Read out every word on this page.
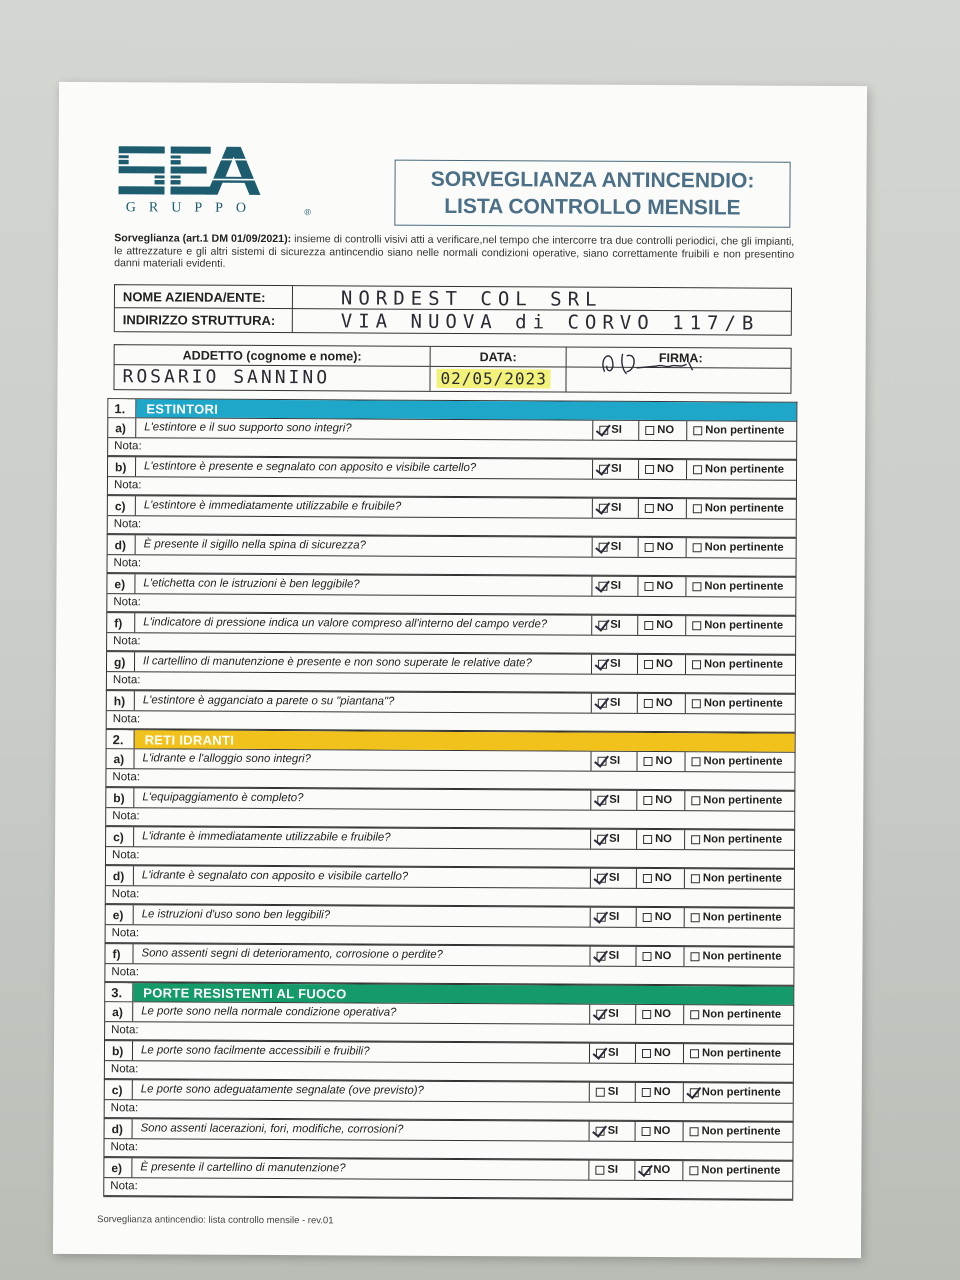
GRUPPO	®
SORVEGLIANZA ANTINCENDIO:
LISTA CONTROLLO MENSILE
Sorveglianza (art.1 DM 01/09/2021): insieme di controlli visivi atti a verificare,nel tempo che intercorre tra due controlli periodici, che gli impianti, le attrezzature e gli altri sistemi di sicurezza antincendio siano nelle normali condizioni operative, siano correttamente fruibili e non presentino danni materiali evidenti.
NOME AZIENDA/ENTE:	NORDEST COL SRL
INDIRIZZO STRUTTURA:	VIA NUOVA di CORVO 117/B
ADDETTO (cognome e nome):
ROSARIO SANNINO
DATA:
02/05/2023
FIRMA:
1.	ESTINTORI
a)	L'estintore e il suo supporto sono integri?	SI	NO	Non pertinente
Nota:
b)	L'estintore è presente e segnalato con apposito e visibile cartello?	SI	NO	Non pertinente
Nota:
c)	L'estintore è immediatamente utilizzabile e fruibile?	SI	NO	Non pertinente
Nota:
d)	È presente il sigillo nella spina di sicurezza?	SI	NO	Non pertinente
Nota:
e)	L'etichetta con le istruzioni è ben leggibile?	SI	NO	Non pertinente
Nota:
f)	L'indicatore di pressione indica un valore compreso all'interno del campo verde?	SI	NO	Non pertinente
Nota:
g)	Il cartellino di manutenzione è presente e non sono superate le relative date?	SI	NO	Non pertinente
Nota:
h)	L'estintore è agganciato a parete o su "piantana"?	SI	NO	Non pertinente
Nota:
2.	RETI IDRANTI
a)	L'idrante e l'alloggio sono integri?	SI	NO	Non pertinente
Nota:
b)	L'equipaggiamento è completo?	SI	NO	Non pertinente
Nota:
c)	L'idrante è immediatamente utilizzabile e fruibile?	SI	NO	Non pertinente
Nota:
d)	L'idrante è segnalato con apposito e visibile cartello?	SI	NO	Non pertinente
Nota:
e)	Le istruzioni d'uso sono ben leggibili?	SI	NO	Non pertinente
Nota:
f)	Sono assenti segni di deterioramento, corrosione o perdite?	SI	NO	Non pertinente
Nota:
3.	PORTE RESISTENTI AL FUOCO
a)	Le porte sono nella normale condizione operativa?	SI	NO	Non pertinente
Nota:
b)	Le porte sono facilmente accessibili e fruibili?	SI	NO	Non pertinente
Nota:
c)	Le porte sono adeguatamente segnalate (ove previsto)?	SI	NO	Non pertinente
Nota:
d)	Sono assenti lacerazioni, fori, modifiche, corrosioni?	SI	NO	Non pertinente
Nota:
e)	È presente il cartellino di manutenzione?	SI	NO	Non pertinente
Nota:
Sorveglianza antincendio: lista controllo mensile - rev.01
